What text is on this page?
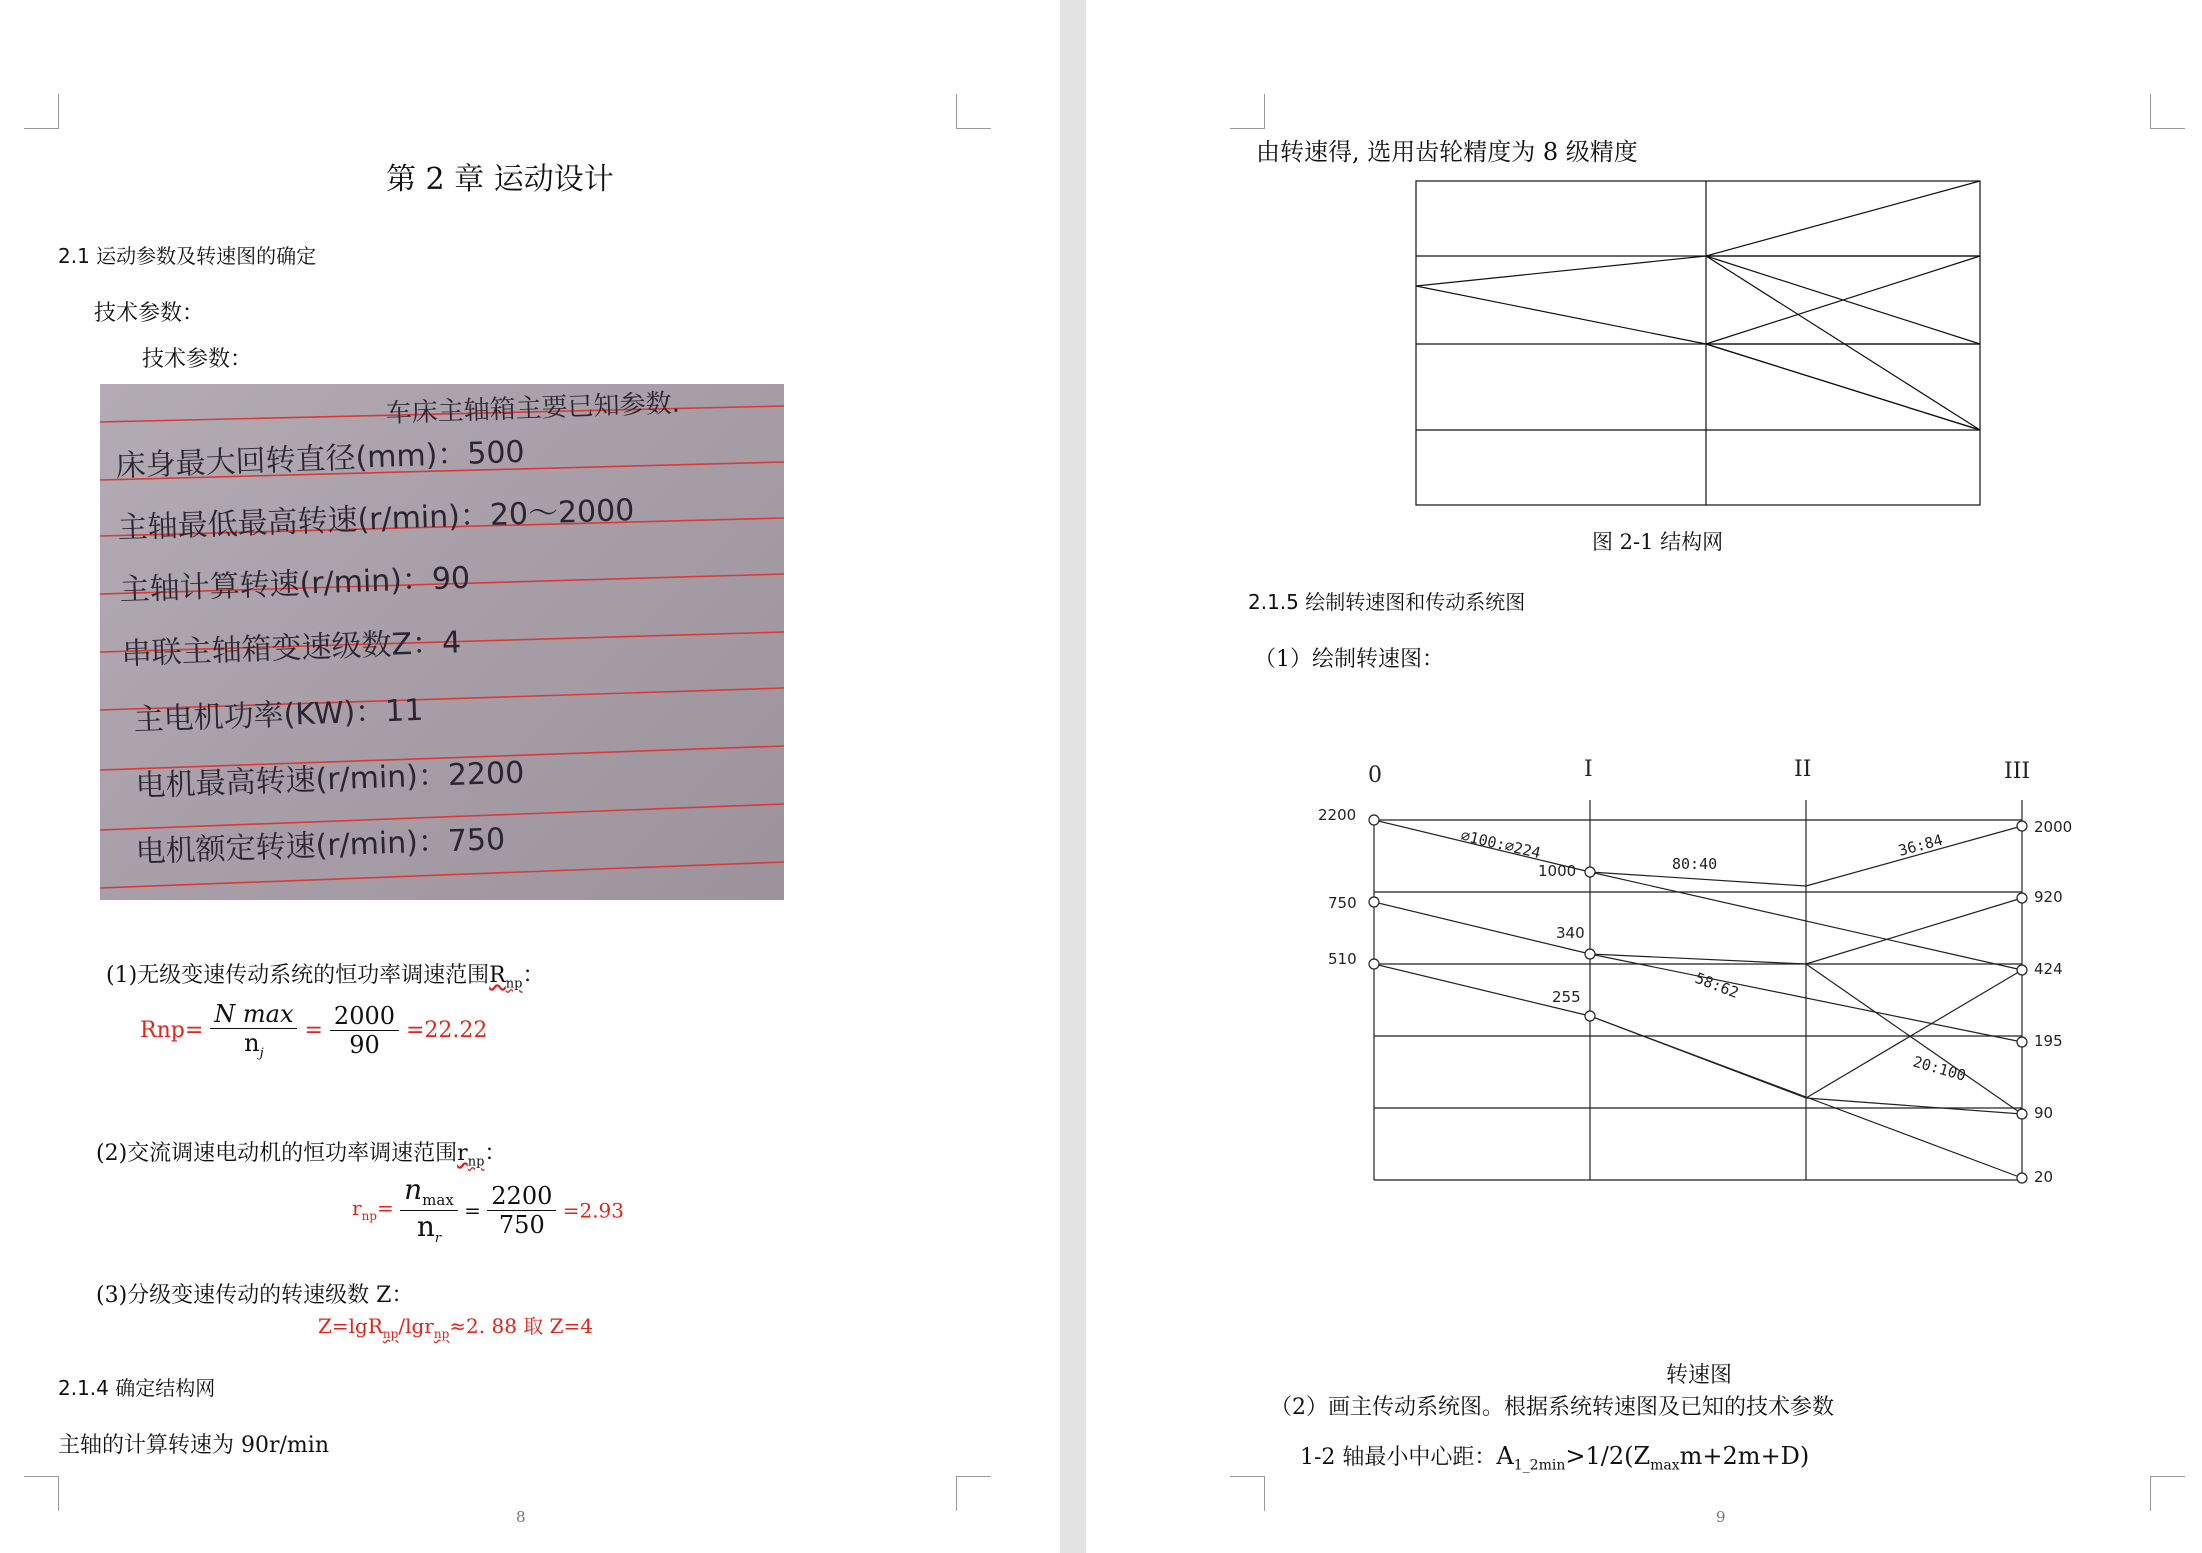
第 2 章 运动设计
2.1 运动参数及转速图的确定
技术参数：
技术参数：
车床主轴箱主要已知参数.
床身最大回转直径(mm)：500
主轴最低最高转速(r/min)：20～2000
主轴计算转速(r/min)：90
串联主轴箱变速级数Z：4
主电机功率(KW)：11
电机最高转速(r/min)：2200
电机额定转速(r/min)：750
(1)无级变速传动系统的恒功率调速范围$R_{np}$：
$Rnp= \frac{\text{N max}}{n_j} = \frac{2000}{90} =22.22$
(2)交流调速电动机的恒功率调速范围$r_{np}$：
$r_{np}= \frac{n_{max}}{n_r} = \frac{2200}{750} =2.93$
(3)分级变速传动的转速级数 Z：
Z=lgR$_{np}$/lgr$_{np}$≈2. 88 取 Z=4
2.1.4 确定结构网
主轴的计算转速为 90r/min
8
由转速得, 选用齿轮精度为 8 级精度
图 2-1 结构网
2.1.5 绘制转速图和传动系统图
（1）绘制转速图：
0	I	II	III
2200
750
510
1000
340
255
2000
920
424
195
90
20
⌀100:⌀224
80:40
36:84
58:62
20:100
转速图
（2）画主传动系统图。根据系统转速图及已知的技术参数
1-2 轴最小中心距：$A_{1\_2min}>1/2(Z_{max}m+2m+D)$
9
